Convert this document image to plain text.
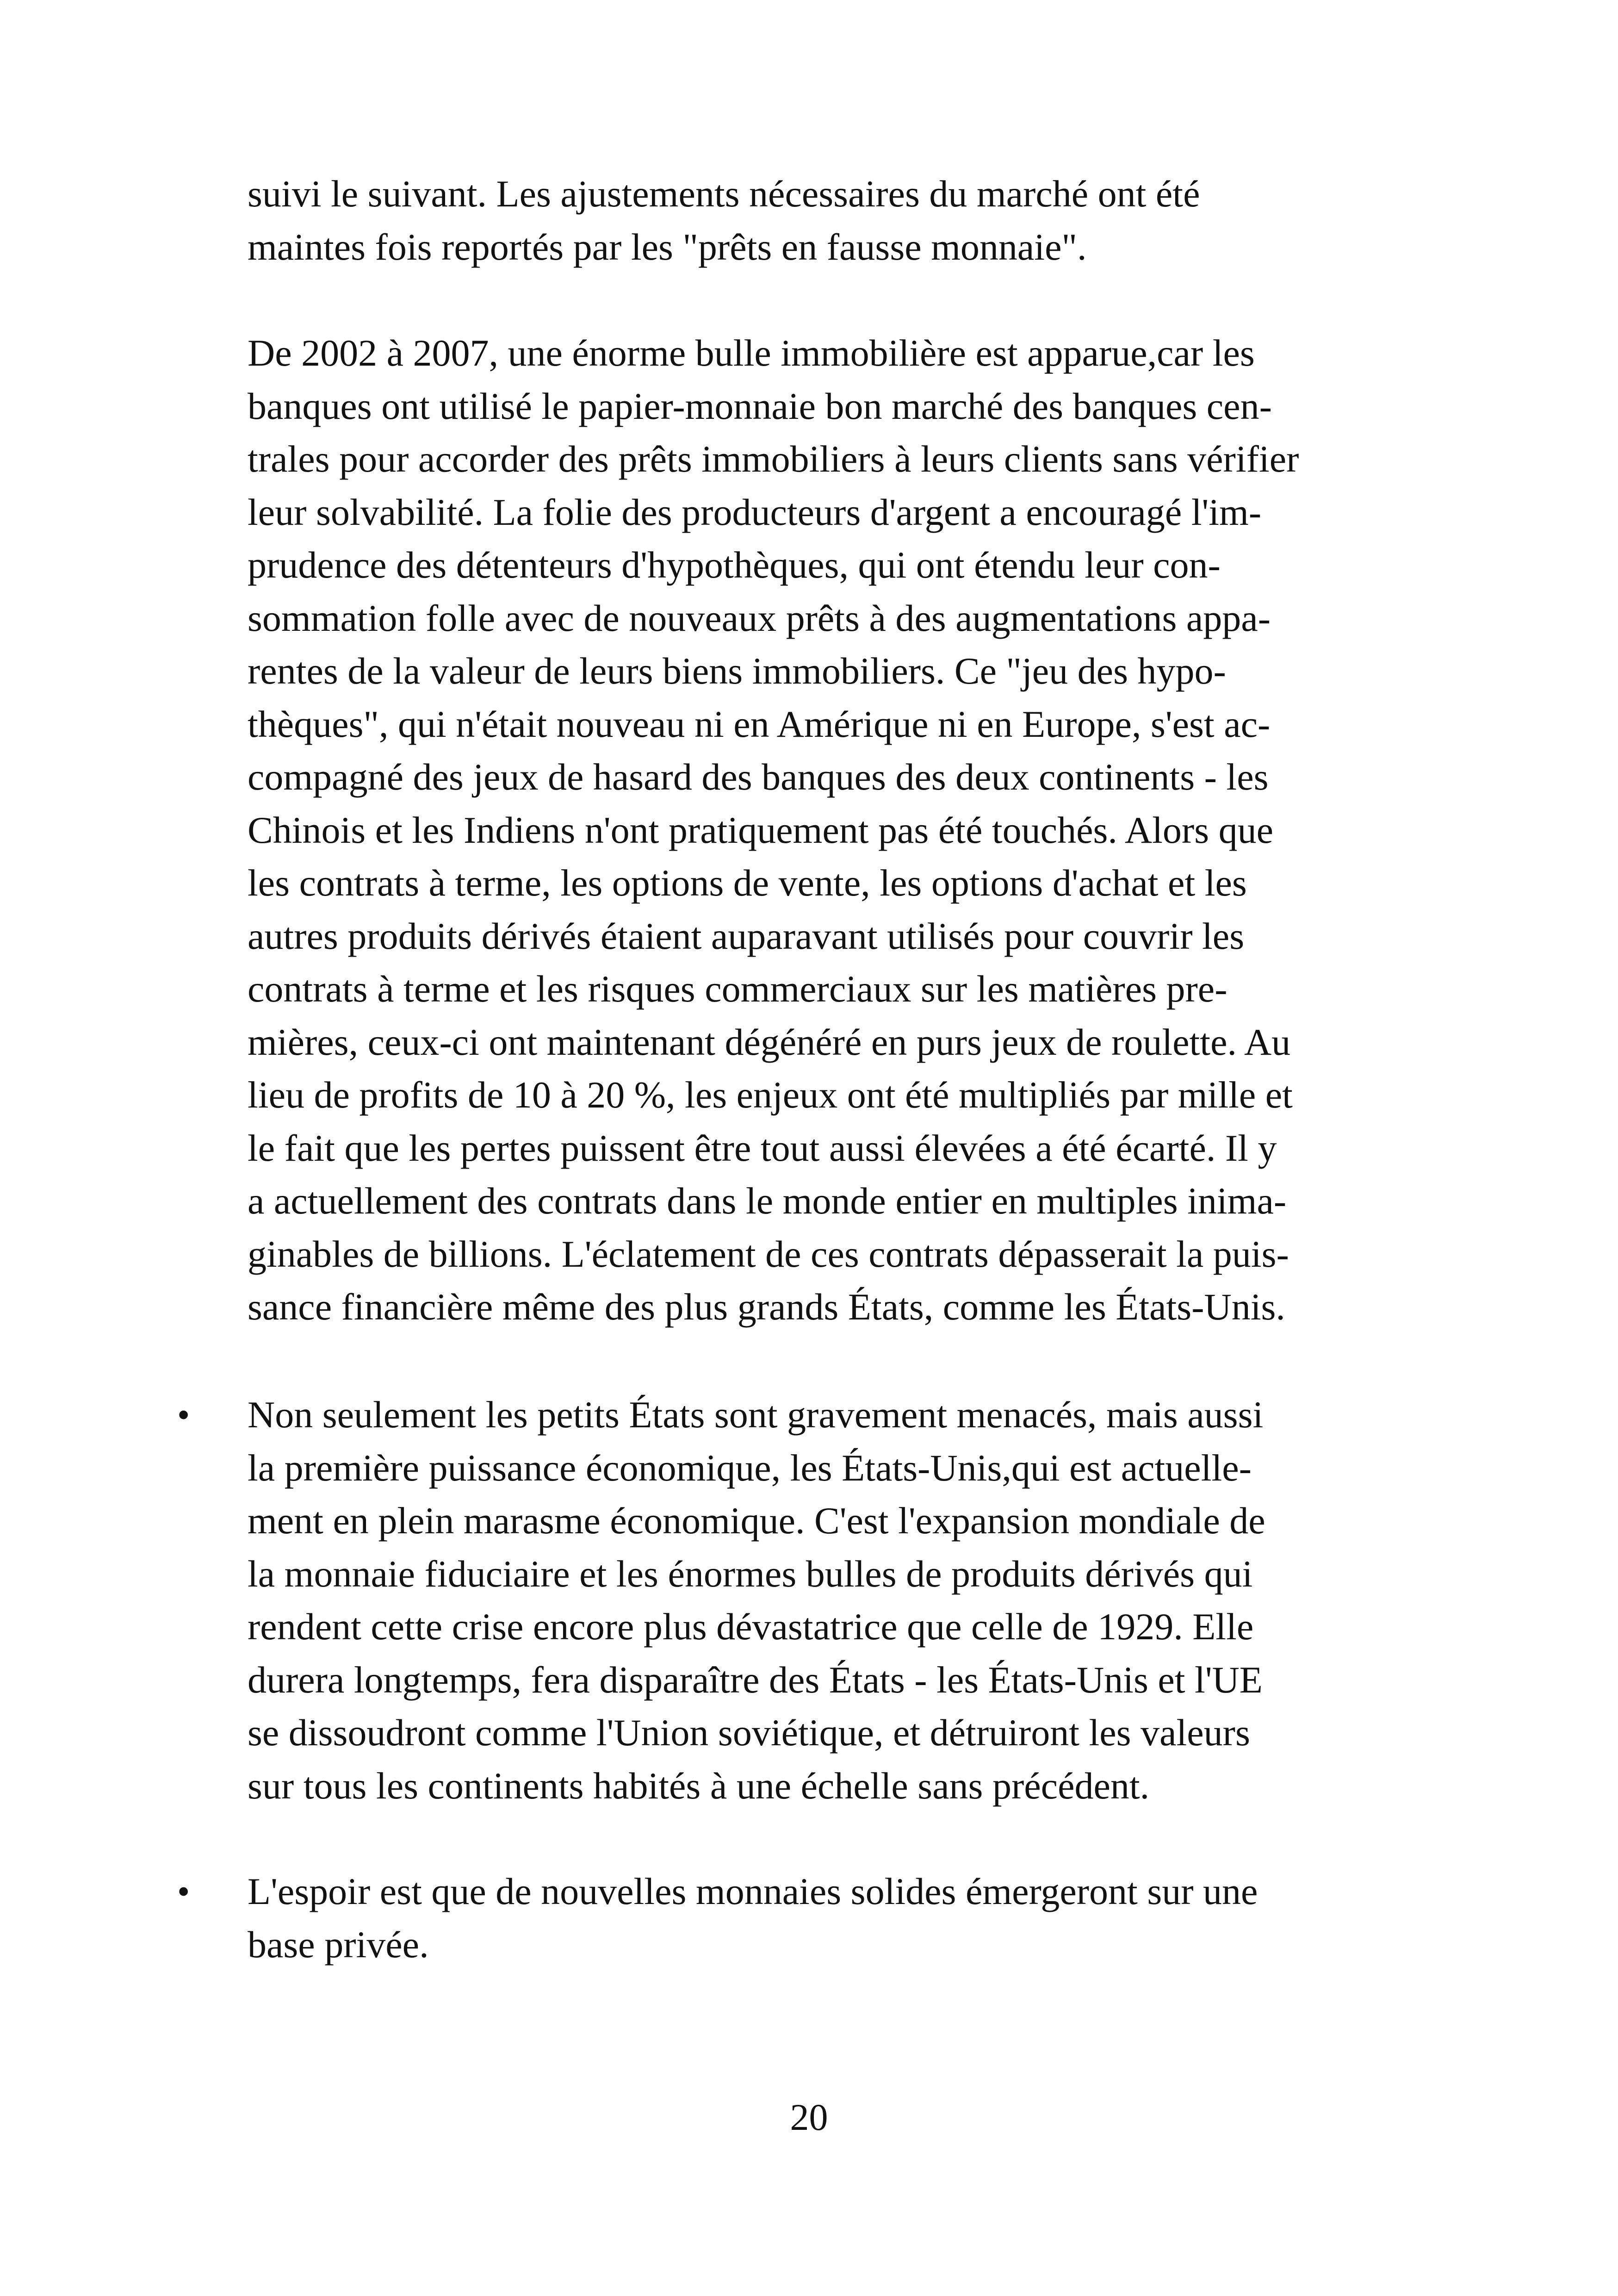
suivi le suivant. Les ajustements nécessaires du marché ont été
maintes fois reportés par les "prêts en fausse monnaie".
De 2002 à 2007, une énorme bulle immobilière est apparue,car les
banques ont utilisé le papier-monnaie bon marché des banques cen-
trales pour accorder des prêts immobiliers à leurs clients sans vérifier
leur solvabilité. La folie des producteurs d'argent a encouragé l'im-
prudence des détenteurs d'hypothèques, qui ont étendu leur con-
sommation folle avec de nouveaux prêts à des augmentations appa-
rentes de la valeur de leurs biens immobiliers. Ce "jeu des hypo-
thèques", qui n'était nouveau ni en Amérique ni en Europe, s'est ac-
compagné des jeux de hasard des banques des deux continents - les
Chinois et les Indiens n'ont pratiquement pas été touchés. Alors que
les contrats à terme, les options de vente, les options d'achat et les
autres produits dérivés étaient auparavant utilisés pour couvrir les
contrats à terme et les risques commerciaux sur les matières pre-
mières, ceux-ci ont maintenant dégénéré en purs jeux de roulette. Au
lieu de profits de 10 à 20 %, les enjeux ont été multipliés par mille et
le fait que les pertes puissent être tout aussi élevées a été écarté. Il y
a actuellement des contrats dans le monde entier en multiples inima-
ginables de billions. L'éclatement de ces contrats dépasserait la puis-
sance financière même des plus grands États, comme les États-Unis.
• Non seulement les petits États sont gravement menacés, mais aussi
la première puissance économique, les États-Unis,qui est actuelle-
ment en plein marasme économique. C'est l'expansion mondiale de
la monnaie fiduciaire et les énormes bulles de produits dérivés qui
rendent cette crise encore plus dévastatrice que celle de 1929. Elle
durera longtemps, fera disparaître des États - les États-Unis et l'UE
se dissoudront comme l'Union soviétique, et détruiront les valeurs
sur tous les continents habités à une échelle sans précédent.
• L'espoir est que de nouvelles monnaies solides émergeront sur une
base privée.
20
